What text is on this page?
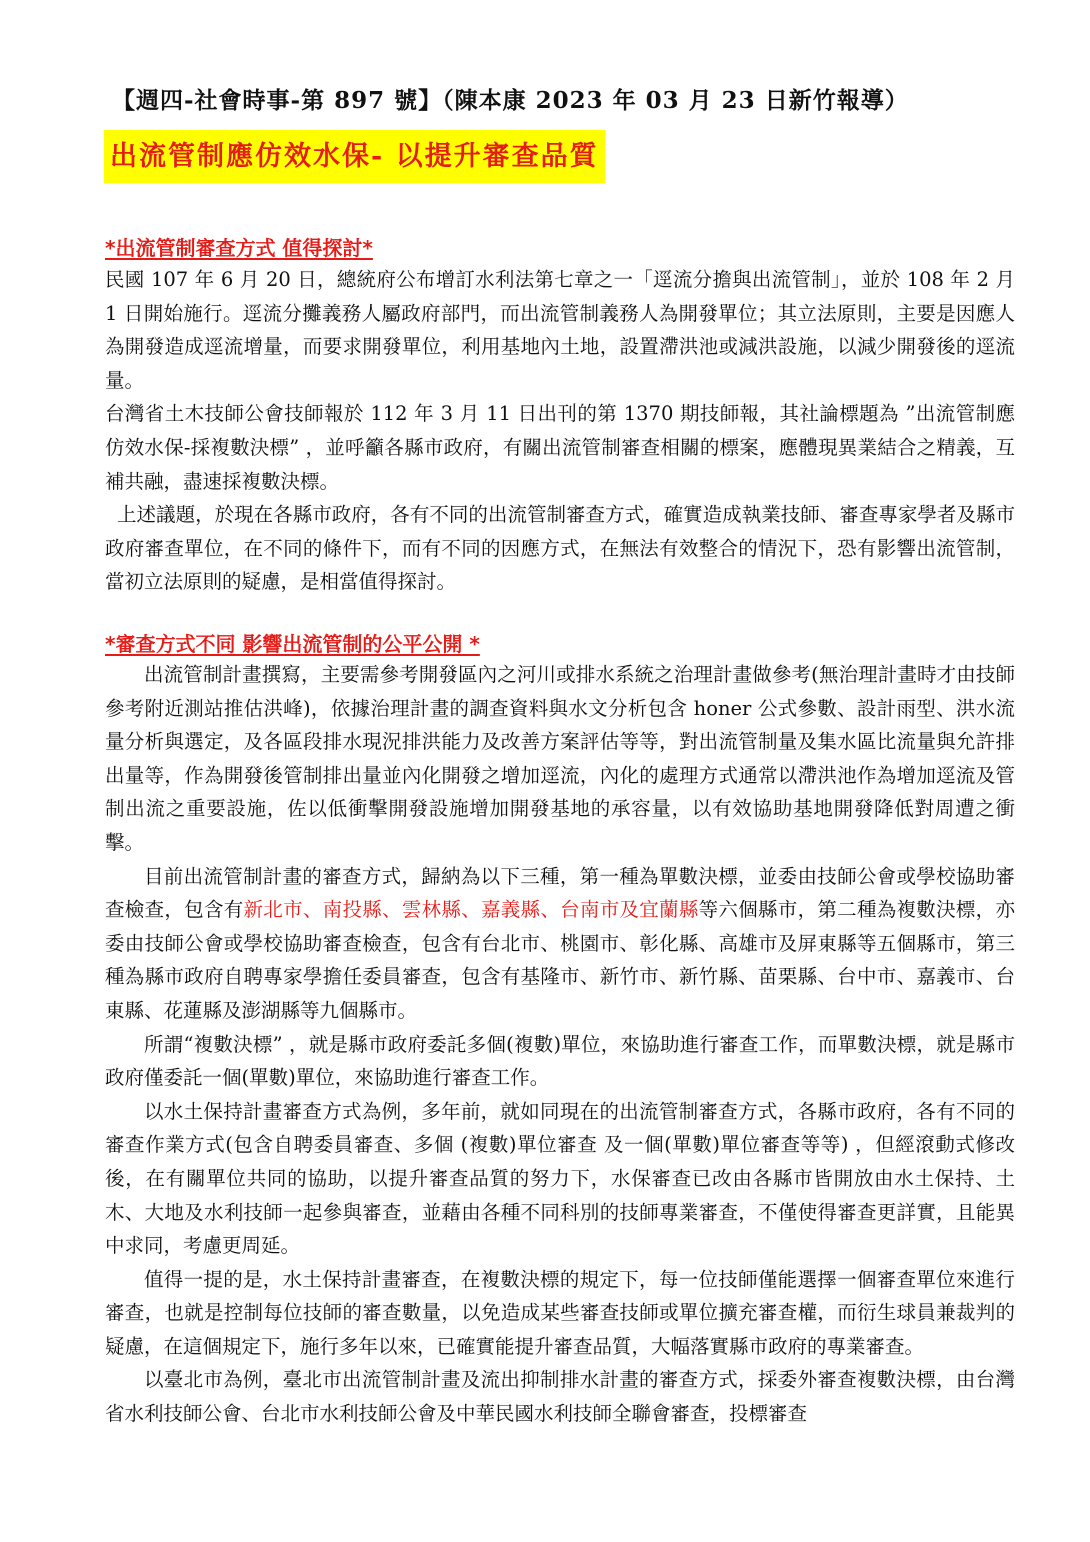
【週四-社會時事-第 897 號】（陳本康 2023 年 03 月 23 日新竹報導）
出流管制應仿效水保- 以提升審查品質
*出流管制審查方式 值得探討*

民國 107 年 6 月 20 日，總統府公布增訂水利法第七章之一「逕流分擔與出流管制」，並於 108 年 2 月 1 日開始施行。逕流分攤義務人屬政府部門，而出流管制義務人為開發單位；其立法原則，主要是因應人為開發造成逕流增量，而要求開發單位，利用基地內土地，設置滯洪池或減洪設施，以減少開發後的逕流量。

台灣省土木技師公會技師報於 112 年 3 月 11 日出刊的第 1370 期技師報，其社論標題為 ”出流管制應仿效水保-採複數決標” ，並呼籲各縣市政府，有關出流管制審查相關的標案，應體現異業結合之精義，互補共融，盡速採複數決標。

上述議題，於現在各縣市政府，各有不同的出流管制審查方式，確實造成執業技師、審查專家學者及縣市政府審查單位，在不同的條件下，而有不同的因應方式，在無法有效整合的情況下，恐有影響出流管制，當初立法原則的疑慮，是相當值得探討。

*審查方式不同 影響出流管制的公平公開 *

出流管制計畫撰寫，主要需參考開發區內之河川或排水系統之治理計畫做參考(無治理計畫時才由技師參考附近測站推估洪峰)，依據治理計畫的調查資料與水文分析包含 honer 公式參數、設計雨型、洪水流量分析與選定，及各區段排水現況排洪能力及改善方案評估等等，對出流管制量及集水區比流量與允許排出量等，作為開發後管制排出量並內化開發之增加逕流，內化的處理方式通常以滯洪池作為增加逕流及管制出流之重要設施，佐以低衝擊開發設施增加開發基地的承容量，以有效協助基地開發降低對周遭之衝擊。

目前出流管制計畫的審查方式，歸納為以下三種，第一種為單數決標，並委由技師公會或學校協助審查檢查，包含有新北市、南投縣、雲林縣、嘉義縣、台南市及宜蘭縣等六個縣市，第二種為複數決標，亦委由技師公會或學校協助審查檢查，包含有台北市、桃園市、彰化縣、高雄市及屏東縣等五個縣市，第三種為縣市政府自聘專家學擔任委員審查，包含有基隆市、新竹市、新竹縣、苗栗縣、台中市、嘉義市、台東縣、花蓮縣及澎湖縣等九個縣市。

所謂“複數決標” ，就是縣市政府委託多個(複數)單位，來協助進行審查工作，而單數決標，就是縣市政府僅委託一個(單數)單位，來協助進行審查工作。

以水土保持計畫審查方式為例，多年前，就如同現在的出流管制審查方式，各縣市政府，各有不同的審查作業方式(包含自聘委員審查、多個 (複數)單位審查 及一個(單數)單位審查等等) ，但經滾動式修改後，在有關單位共同的協助，以提升審查品質的努力下，水保審查已改由各縣市皆開放由水土保持、土木、大地及水利技師一起參與審查，並藉由各種不同科別的技師專業審查，不僅使得審查更詳實，且能異中求同，考慮更周延。

值得一提的是，水土保持計畫審查，在複數決標的規定下，每一位技師僅能選擇一個審查單位來進行審查，也就是控制每位技師的審查數量，以免造成某些審查技師或單位擴充審查權，而衍生球員兼裁判的疑慮，在這個規定下，施行多年以來，已確實能提升審查品質，大幅落實縣市政府的專業審查。

以臺北市為例，臺北市出流管制計畫及流出抑制排水計畫的審查方式，採委外審查複數決標，由台灣省水利技師公會、台北市水利技師公會及中華民國水利技師全聯會審查，投標審查
